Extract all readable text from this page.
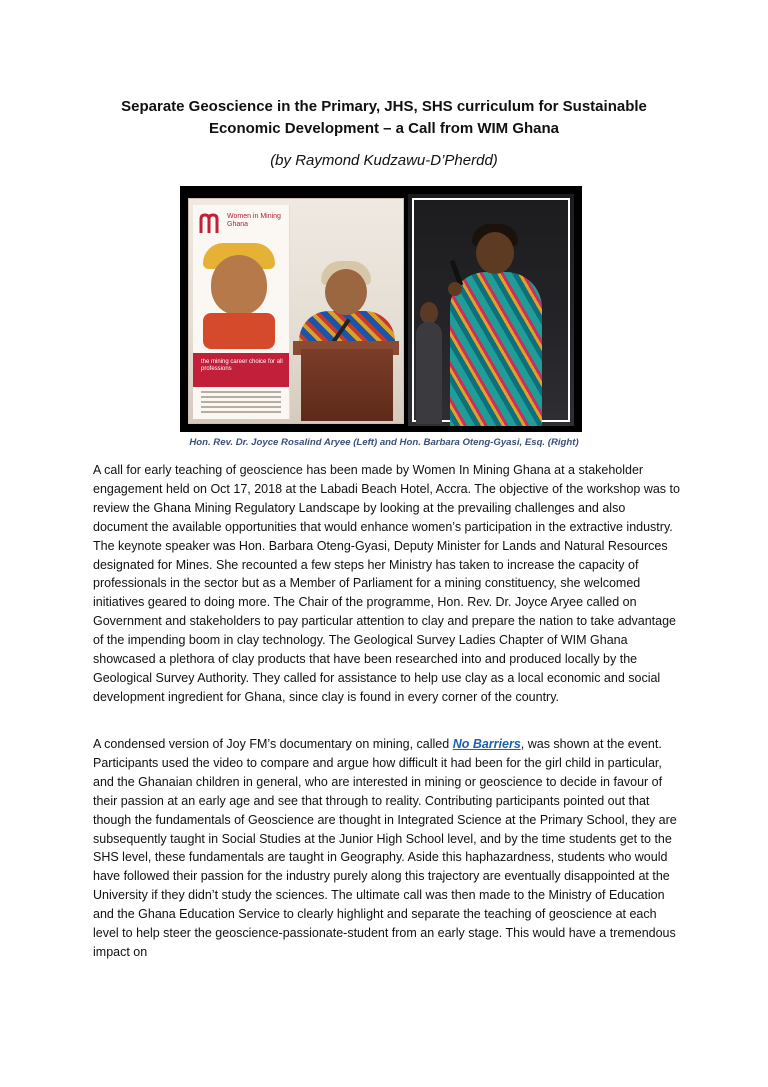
Separate Geoscience in the Primary, JHS, SHS curriculum for Sustainable
Economic Development – a Call from WIM Ghana
(by Raymond Kudzawu-D’Pherdd)
Women in Mining Ghana
the mining career choice for all professions
Hon. Rev. Dr. Joyce Rosalind Aryee (Left) and Hon. Barbara Oteng-Gyasi, Esq. (Right)

A call for early teaching of geoscience has been made by Women In Mining Ghana at a stakeholder engagement held on Oct 17, 2018 at the Labadi Beach Hotel, Accra. The objective of the workshop was to review the Ghana Mining Regulatory Landscape by looking at the prevailing challenges and also document the available opportunities that would enhance women’s participation in the extractive industry. The keynote speaker was Hon. Barbara Oteng-Gyasi, Deputy Minister for Lands and Natural Resources designated for Mines. She recounted a few steps her Ministry has taken to increase the capacity of professionals in the sector but as a Member of Parliament for a mining constituency, she welcomed initiatives geared to doing more. The Chair of the programme, Hon. Rev. Dr. Joyce Aryee called on Government and stakeholders to pay particular attention to clay and prepare the nation to take advantage of the impending boom in clay technology. The Geological Survey Ladies Chapter of WIM Ghana showcased a plethora of clay products that have been researched into and produced locally by the Geological Survey Authority. They called for assistance to help use clay as a local economic and social development ingredient for Ghana, since clay is found in every corner of the country.

A condensed version of Joy FM’s documentary on mining, called No Barriers, was shown at the event. Participants used the video to compare and argue how difficult it had been for the girl child in particular, and the Ghanaian children in general, who are interested in mining or geoscience to decide in favour of their passion at an early age and see that through to reality. Contributing participants pointed out that though the fundamentals of Geoscience are thought in Integrated Science at the Primary School, they are subsequently taught in Social Studies at the Junior High School level, and by the time students get to the SHS level, these fundamentals are taught in Geography. Aside this haphazardness, students who would have followed their passion for the industry purely along this trajectory are eventually disappointed at the University if they didn’t study the sciences. The ultimate call was then made to the Ministry of Education and the Ghana Education Service to clearly highlight and separate the teaching of geoscience at each level to help steer the geoscience-passionate-student from an early stage. This would have a tremendous impact on
